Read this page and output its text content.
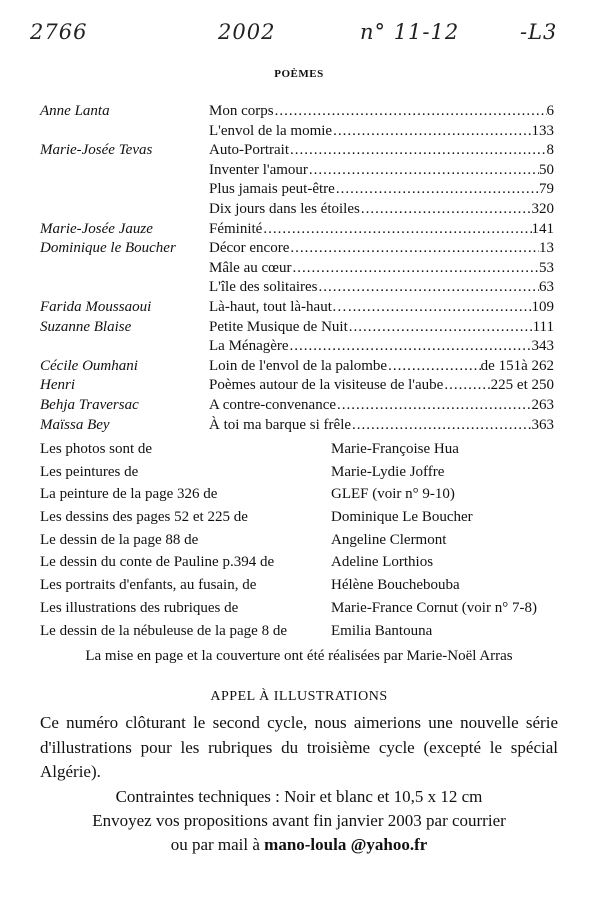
2766	2002	n° 11-12	-L3
POÈMES
Anne Lanta	Mon corps .....	6
L'envol de la momie .....	133
Marie-Josée Tevas	Auto-Portrait .....	8
Inventer l'amour .....	50
Plus jamais peut-être .....	79
Dix jours dans les étoiles .....	320
Marie-Josée Jauze	Féminité .....	141
Dominique le Boucher Décor encore .....	13
Mâle au cœur .....	53
L'île des solitaires .....	63
Farida Moussaoui	Là-haut, tout là-haut… .....	109
Suzanne Blaise	Petite Musique de Nuit .....	111
La Ménagère .....	343
Cécile Oumhani	Loin de l'envol de la palombe .....	de 151à 262
Henri	Poèmes autour de la visiteuse de l'aube .....	225 et 250
Behja Traversac	A contre-convenance .....	263
Maïssa Bey	À toi ma barque si frêle .....	363
Les photos sont de	Marie-Françoise Hua
Les peintures de	Marie-Lydie Joffre
La peinture de la page 326 de	GLEF (voir n° 9-10)
Les dessins des pages 52 et 225 de	Dominique Le Boucher
Le dessin de la page 88 de	Angeline Clermont
Le dessin du conte de Pauline p.394 de	Adeline Lorthios
Les portraits d'enfants, au fusain, de	Hélène Bouchebouba
Les illustrations des rubriques de	Marie-France Cornut (voir n° 7-8)
Le dessin de la nébuleuse de la page 8 de	Emilia Bantouna
La mise en page et la couverture ont été réalisées par Marie-Noël Arras
APPEL À ILLUSTRATIONS
Ce numéro clôturant le second cycle, nous aimerions une nouvelle série d'illustrations pour les rubriques du troisième cycle (excepté le spécial Algérie).
Contraintes techniques : Noir et blanc et 10,5 x 12 cm
Envoyez vos propositions avant fin janvier 2003 par courrier
ou par mail à mano-loula @yahoo.fr
